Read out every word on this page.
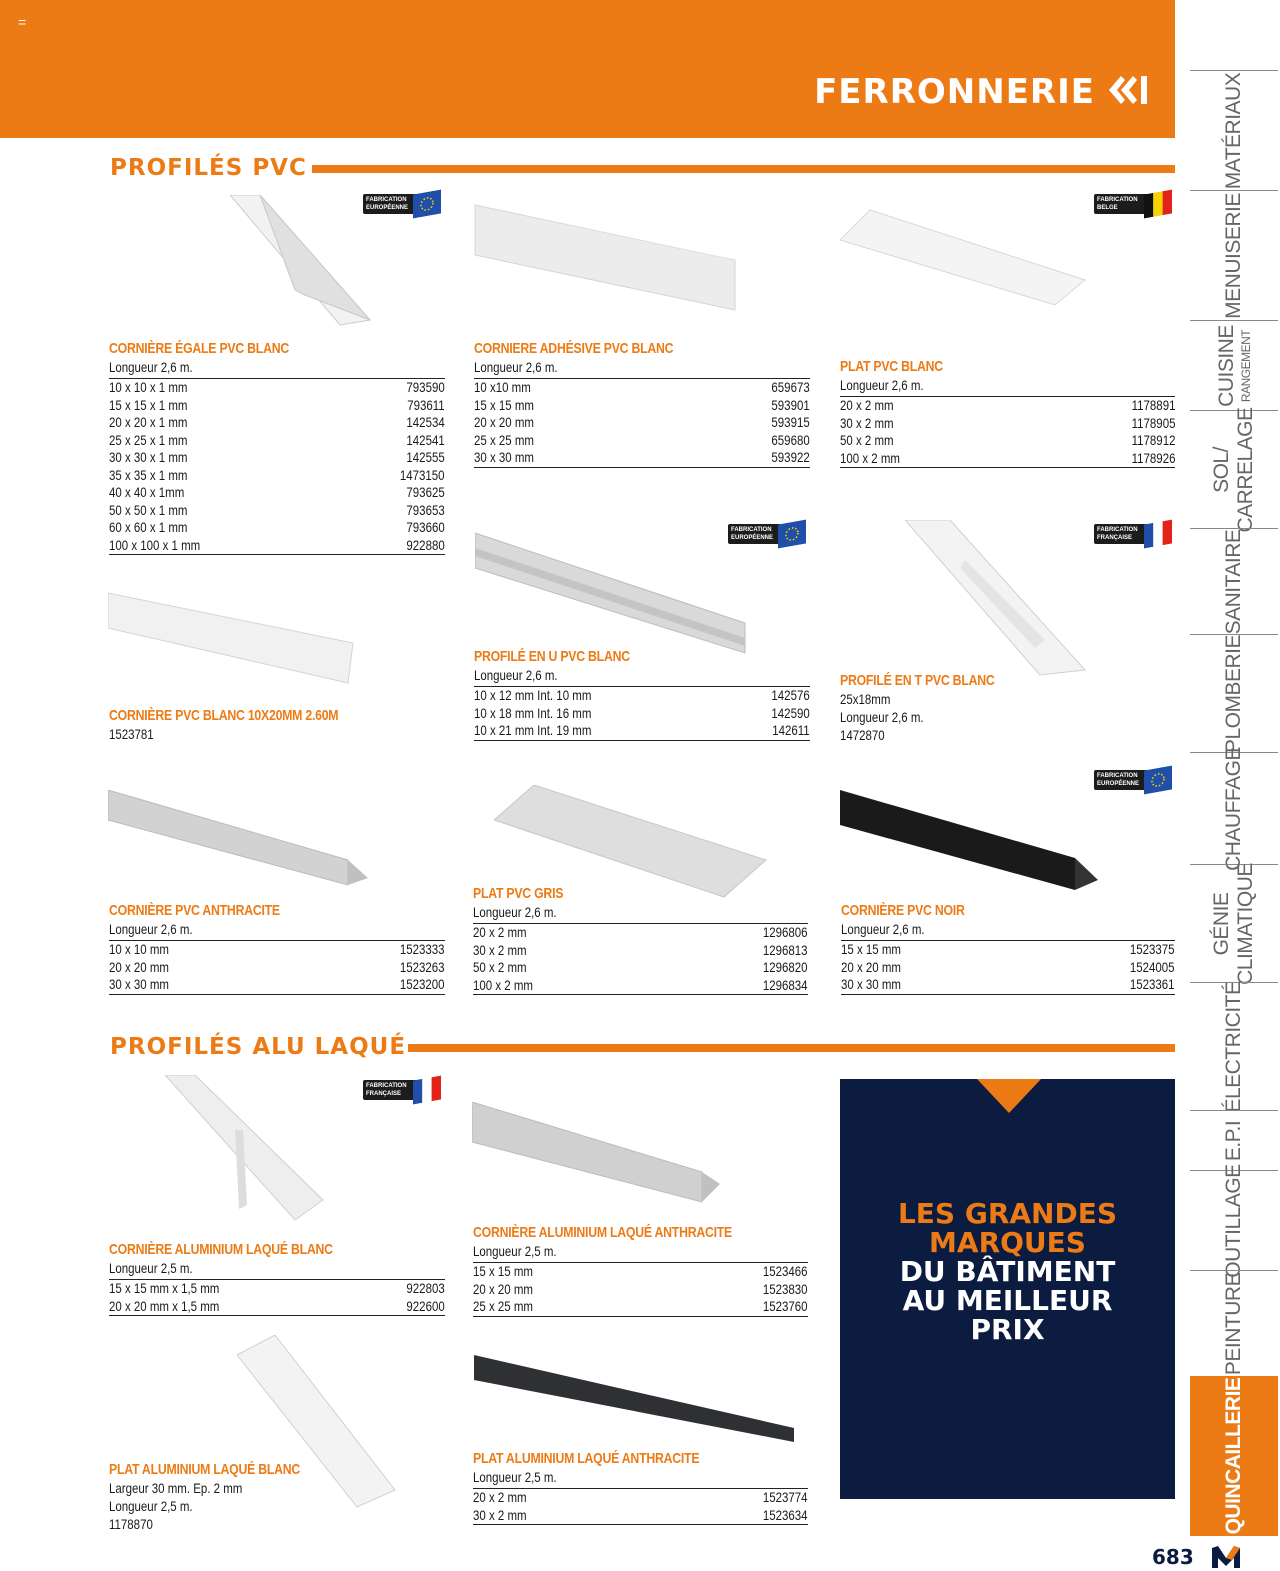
=
FERRONNERIE
PROFILÉS PVC
PROFILÉS ALU LAQUÉ
MATÉRIAUX
MENUISERIE
CUISINE RANGEMENT
SOL/ CARRELAGE
SANITAIRE
PLOMBERIE
CHAUFFAGE
GÉNIE CLIMATIQUE
ÉLECTRICITÉ
E.P.I
OUTILLAGE
PEINTURE
QUINCAILLERIE
FABRICATION
EUROPÉENNE
FABRICATION
BELGE
FABRICATION
EUROPÉENNE
FABRICATION
FRANÇAISE
FABRICATION
EUROPÉENNE
FABRICATION
FRANÇAISE
CORNIÈRE ÉGALE PVC BLANC
Longueur 2,6 m.
10 x 10 x 1 mm	793590
15 x 15 x 1 mm	793611
20 x 20 x 1 mm	142534
25 x 25 x 1 mm	142541
30 x 30 x 1 mm	142555
35 x 35 x 1 mm	1473150
40 x 40 x 1mm	793625
50 x 50 x 1 mm	793653
60 x 60 x 1 mm	793660
100 x 100 x 1 mm	922880
CORNIERE ADHÉSIVE PVC BLANC
Longueur 2,6 m.
10 x10 mm	659673
15 x 15 mm	593901
20 x 20 mm	593915
25 x 25 mm	659680
30 x 30 mm	593922
PLAT PVC BLANC
Longueur 2,6 m.
20 x 2 mm	1178891
30 x 2 mm	1178905
50 x 2 mm	1178912
100 x 2 mm	1178926
CORNIÈRE PVC BLANC 10X20MM 2.60M
1523781
PROFILÉ EN U PVC BLANC
Longueur 2,6 m.
10 x 12 mm Int. 10 mm	142576
10 x 18 mm Int. 16 mm	142590
10 x 21 mm Int. 19 mm	142611
PROFILÉ EN T PVC BLANC
25x18mm
Longueur 2,6 m.
1472870
CORNIÈRE PVC ANTHRACITE
Longueur 2,6 m.
10 x 10 mm	1523333
20 x 20 mm	1523263
30 x 30 mm	1523200
PLAT PVC GRIS
Longueur 2,6 m.
20 x 2 mm	1296806
30 x 2 mm	1296813
50 x 2 mm	1296820
100 x 2 mm	1296834
CORNIÈRE PVC NOIR
Longueur 2,6 m.
15 x 15 mm	1523375
20 x 20 mm	1524005
30 x 30 mm	1523361
CORNIÈRE ALUMINIUM LAQUÉ BLANC
Longueur 2,5 m.
15 x 15 mm x 1,5 mm	922803
20 x 20 mm x 1,5 mm	922600
CORNIÈRE ALUMINIUM LAQUÉ ANTHRACITE
Longueur 2,5 m.
15 x 15 mm	1523466
20 x 20 mm	1523830
25 x 25 mm	1523760
PLAT ALUMINIUM LAQUÉ BLANC
Largeur 30 mm. Ep. 2 mm
Longueur 2,5 m.
1178870
PLAT ALUMINIUM LAQUÉ ANTHRACITE
Longueur 2,5 m.
20 x 2 mm	1523774
30 x 2 mm	1523634
LES GRANDES
MARQUES
DU BÂTIMENT
AU MEILLEUR
PRIX
683
